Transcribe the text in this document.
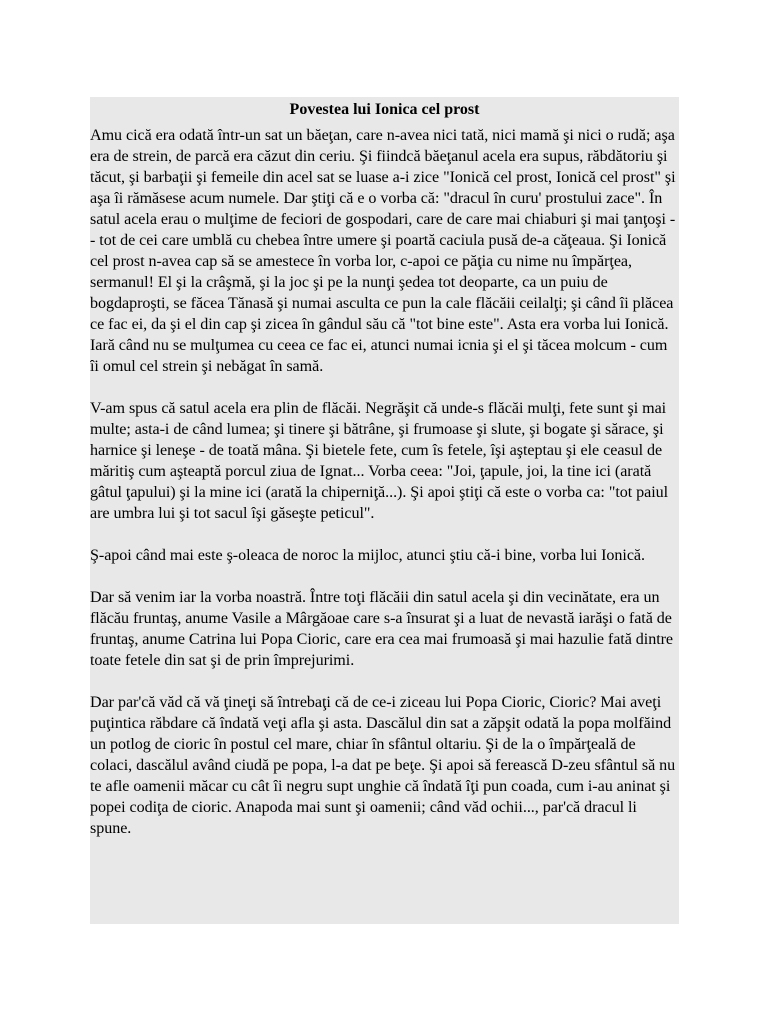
Povestea lui Ionica cel prost

Amu cică era odată într-un sat un băeţan, care n-avea nici tată, nici mamă şi nici o rudă; aşa era de strein, de parcă era căzut din ceriu. Şi fiindcă băeţanul acela era supus, răbdătoriu şi tăcut, şi barbaţii şi femeile din acel sat se luase a-i zice "Ionică cel prost, Ionică cel prost" şi aşa îi rămăsese acum numele. Dar ştiţi că e o vorba că: "dracul în curu' prostului zace". În satul acela erau o mulţime de feciori de gospodari, care de care mai chiaburi şi mai ţanţoşi -- tot de cei care umblă cu chebea între umere şi poartă caciula pusă de-a căţeaua. Şi Ionică cel prost n-avea cap să se amestece în vorba lor, c-apoi ce păţia cu nime nu împărţea, sermanul! El şi la crâşmă, şi la joc şi pe la nunţi şedea tot deoparte, ca un puiu de bogdaproşti, se făcea Tănasă şi numai asculta ce pun la cale flăcăii ceilalţi; şi când îi plăcea ce fac ei, da şi el din cap şi zicea în gândul său că "tot bine este". Asta era vorba lui Ionică. Iară când nu se mulţumea cu ceea ce fac ei, atunci numai icnia şi el şi tăcea molcum - cum îi omul cel strein şi nebăgat în samă.

V-am spus că satul acela era plin de flăcăi. Negrăşit că unde-s flăcăi mulţi, fete sunt şi mai multe; asta-i de când lumea; şi tinere şi bătrâne, şi frumoase şi slute, şi bogate şi sărace, şi harnice şi leneşe - de toată mâna. Şi bietele fete, cum îs fetele, îşi aşteptau şi ele ceasul de măritiş cum aşteaptă porcul ziua de Ignat... Vorba ceea: "Joi, ţapule, joi, la tine ici (arată gâtul ţapului) şi la mine ici (arată la chiperniţă...). Şi apoi ştiţi că este o vorba ca: "tot paiul are umbra lui şi tot sacul îşi găseşte peticul".

Ş-apoi când mai este ş-oleaca de noroc la mijloc, atunci ştiu că-i bine, vorba lui Ionică.

Dar să venim iar la vorba noastră. Între toţi flăcăii din satul acela şi din vecinătate, era un flăcău fruntaş, anume Vasile a Mârgăoae care s-a însurat şi a luat de nevastă iarăşi o fată de fruntaş, anume Catrina lui Popa Cioric, care era cea mai frumoasă şi mai hazulie fată dintre toate fetele din sat şi de prin împrejurimi.

Dar par'că văd că vă ţineţi să întrebaţi că de ce-i ziceau lui Popa Cioric, Cioric? Mai aveţi puţintica răbdare că îndată veţi afla şi asta. Dascălul din sat a zăpşit odată la popa molfăind un potlog de cioric în postul cel mare, chiar în sfântul oltariu. Şi de la o împărţeală de colaci, dascălul având ciudă pe popa, l-a dat pe beţe. Şi apoi să ferească D-zeu sfântul să nu te afle oamenii măcar cu cât îi negru supt unghie că îndată îţi pun coada, cum i-au aninat şi popei codiţa de cioric. Anapoda mai sunt şi oamenii; când văd ochii..., par'că dracul li spune.
